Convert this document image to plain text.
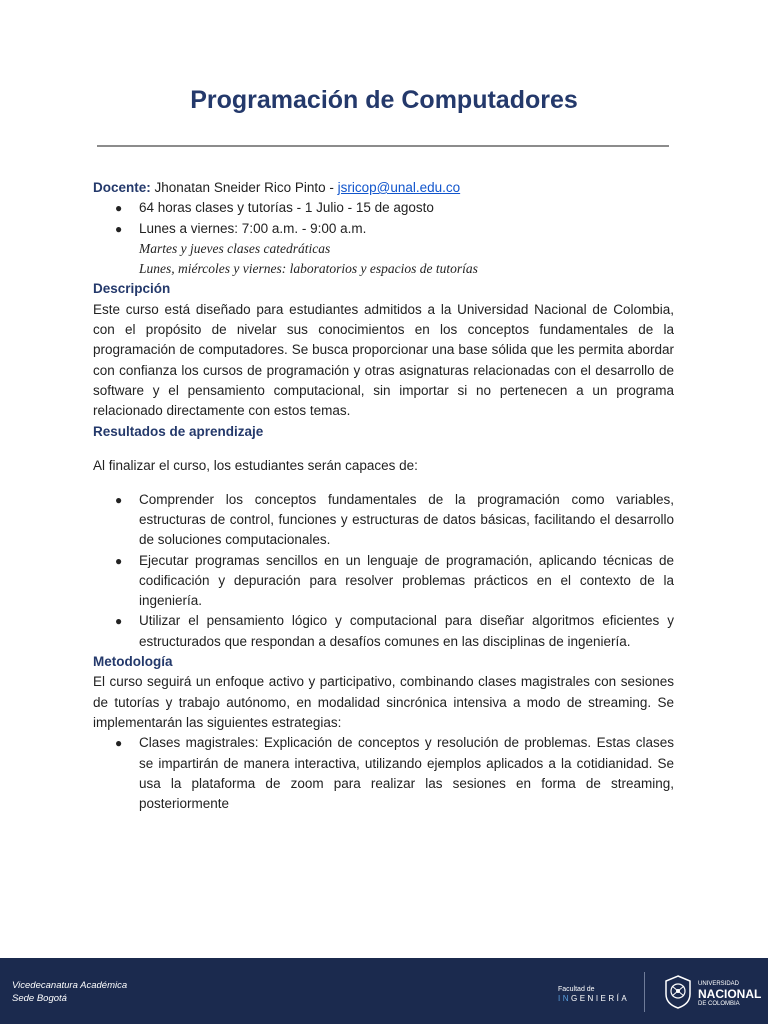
Programación de Computadores

Docente: Jhonatan Sneider Rico Pinto - jsricop@unal.edu.co

● 64 horas clases y tutorías - 1 Julio - 15 de agosto
● Lunes a viernes: 7:00 a.m. - 9:00 a.m.
Martes y jueves clases catedráticas
Lunes, miércoles y viernes: laboratorios y espacios de tutorías
Descripción

Este curso está diseñado para estudiantes admitidos a la Universidad Nacional de Colombia, con el propósito de nivelar sus conocimientos en los conceptos fundamentales de la programación de computadores. Se busca proporcionar una base sólida que les permita abordar con confianza los cursos de programación y otras asignaturas relacionadas con el desarrollo de software y el pensamiento computacional, sin importar si no pertenecen a un programa relacionado directamente con estos temas.

Resultados de aprendizaje

Al finalizar el curso, los estudiantes serán capaces de:

● Comprender los conceptos fundamentales de la programación como variables, estructuras de control, funciones y estructuras de datos básicas, facilitando el desarrollo de soluciones computacionales.
● Ejecutar programas sencillos en un lenguaje de programación, aplicando técnicas de codificación y depuración para resolver problemas prácticos en el contexto de la ingeniería.
● Utilizar el pensamiento lógico y computacional para diseñar algoritmos eficientes y estructurados que respondan a desafíos comunes en las disciplinas de ingeniería.
Metodología

El curso seguirá un enfoque activo y participativo, combinando clases magistrales con sesiones de tutorías y trabajo autónomo, en modalidad sincrónica intensiva a modo de streaming. Se implementarán las siguientes estrategias:

● Clases magistrales: Explicación de conceptos y resolución de problemas. Estas clases se impartirán de manera interactiva, utilizando ejemplos aplicados a la cotidianidad. Se usa la plataforma de zoom para realizar las sesiones en forma de streaming, posteriormente
Vicedecanatura Académica
Sede Bogotá
Facultad de
INGENIERÍA
UNIVERSIDAD
NACIONAL
DE COLOMBIA
